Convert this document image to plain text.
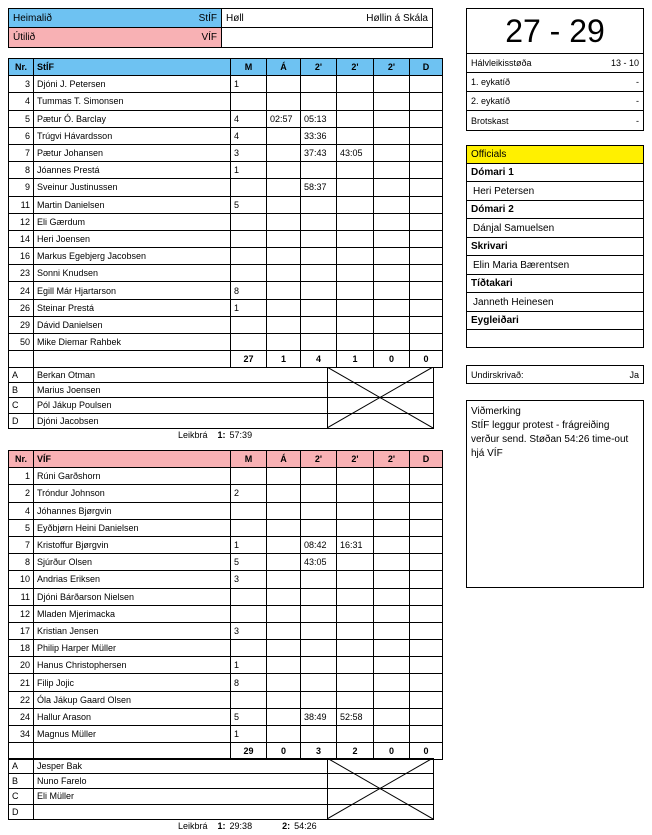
Heimalið	StÍF Høll	Høllin á Skála
Útilið	VÍF
Nr.	StÍF	M	Á	2'	2'	2'	D
3	Djóni J. Petersen	1					
4	Tummas T. Simonsen						
5	Pætur Ó. Barclay	4	02:57	05:13			
6	Trúgvi Hávardsson	4		33:36			
7	Pætur Johansen	3		37:43	43:05		
8	Jóannes Prestá	1					
9	Sveinur Justinussen			58:37			
11	Martin Danielsen	5					
12	Eli Gærdum						
14	Heri Joensen						
16	Markus Egebjerg Jacobsen						
23	Sonni Knudsen						
24	Egill Már Hjartarson	8					
26	Steinar Prestá	1					
29	Dávid Danielsen						
50	Mike Diemar Rahbek						
		27	1	4	1	0	0
A	Berkan Otman	
B	Marius Joensen	
C	Pól Jákup Poulsen	
D	Djóni Jacobsen	
Leikbrá 1: 57:39
Nr.	VÍF	M	Á	2'	2'	2'	D
1	Rúni Garðshorn						
2	Tróndur Johnson	2					
4	Jóhannes Bjørgvin						
5	Eyðbjørn Heini Danielsen						
7	Kristoffur Bjørgvin	1		08:42	16:31		
8	Sjúrður Olsen	5		43:05			
10	Andrias Eriksen	3					
11	Djóni Bárðarson Nielsen						
12	Mladen Mjerimacka						
17	Kristian Jensen	3					
18	Philip Harper Müller						
20	Hanus Christophersen	1					
21	Filip Jojic	8					
22	Óla Jákup Gaard Olsen						
24	Hallur Arason	5		38:49	52:58		
34	Magnus Müller	1					
		29	0	3	2	0	0
A	Jesper Bak	
B	Nuno Farelo	
C	Eli Müller	
D		
Leikbrá 1: 29:38	2: 54:26
27 - 29
Hálvleikisstøða	13 - 10
1. eykatíð	-
2. eykatíð	-
Brotskast	-
Officials
Dómari 1
Heri Petersen
Dómari 2
Dánjal Samuelsen
Skrivari
Elin Maria Bærentsen
Tíðtakari
Janneth Heinesen
Eygleiðari
Undirskrivað:	Ja
Viðmerking
StÍF leggur protest - frágreiðing verður send. Støðan 54:26 time-out hjá VÍF
